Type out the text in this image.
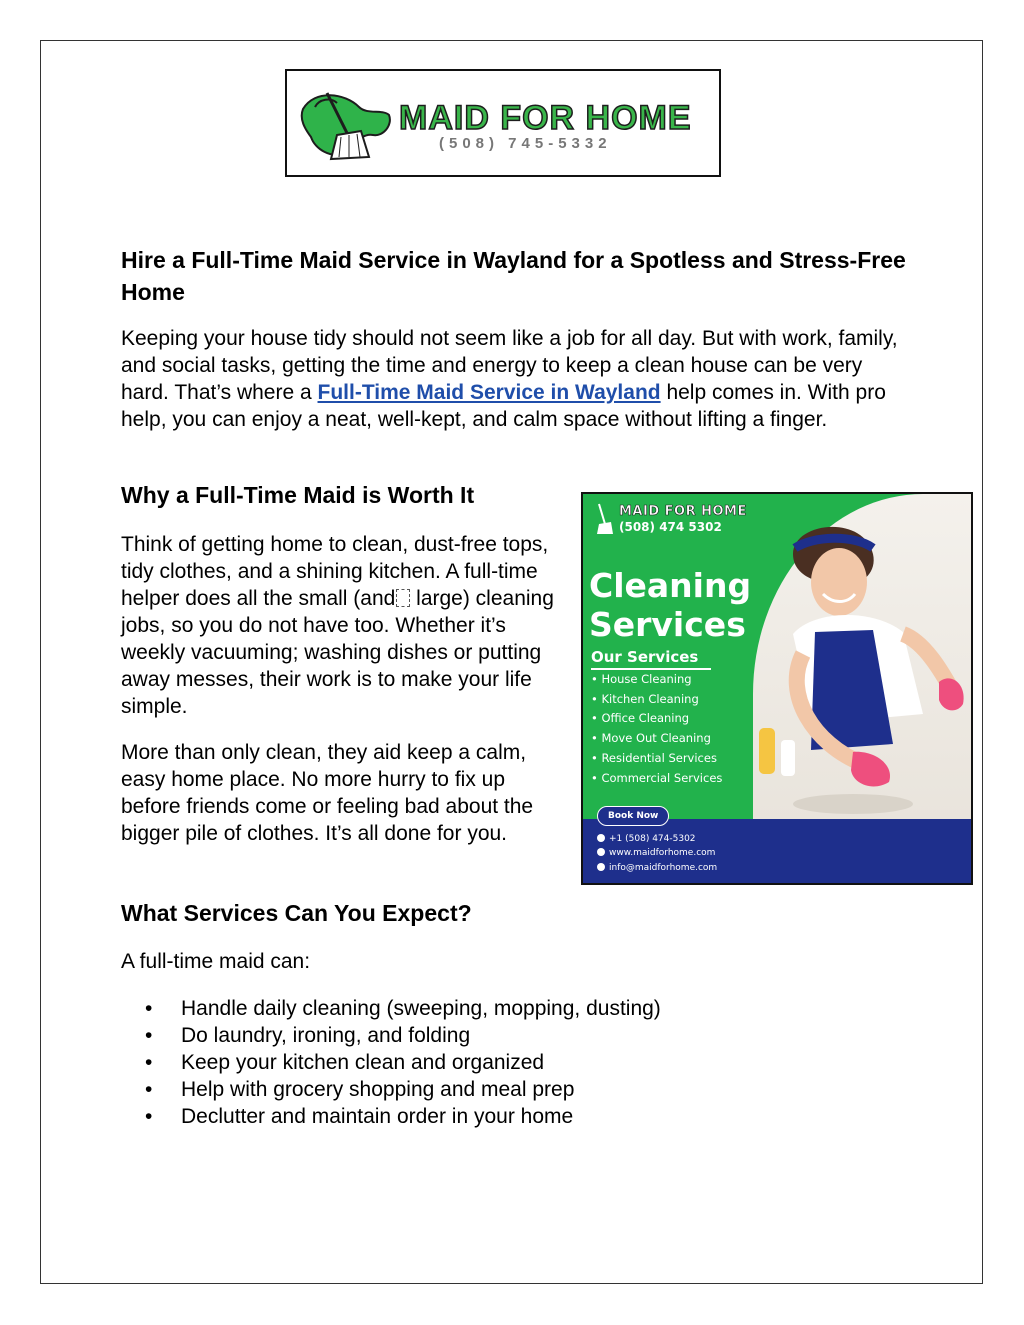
MAID FOR HOME
(508) 745-5332
Hire a Full-Time Maid Service in Wayland for a Spotless and Stress-Free Home

Keeping your house tidy should not seem like a job for all day. But with work, family, and social tasks, getting the time and energy to keep a clean house can be very hard. That’s where a Full-Time Maid Service in Wayland help comes in. With pro help, you can enjoy a neat, well-kept, and calm space without lifting a finger.

Why a Full-Time Maid is Worth It

Think of getting home to clean, dust-free tops, tidy clothes, and a shining kitchen. A full-time helper does all the small (and large) cleaning jobs, so you do not have too. Whether it’s weekly vacuuming; washing dishes or putting away messes, their work is to make your life simple.

More than only clean, they aid keep a calm, easy home place. No more hurry to fix up before friends come or feeling bad about the bigger pile of clothes. It’s all done for you.

What Services Can You Expect?

A full-time maid can:

• Handle daily cleaning (sweeping, mopping, dusting)
• Do laundry, ironing, and folding
• Keep your kitchen clean and organized
• Help with grocery shopping and meal prep
• Declutter and maintain order in your home
MAID FOR HOME
(508) 474 5302
Cleaning
Services
Our Services
• House Cleaning
• Kitchen Cleaning
• Office Cleaning
• Move Out Cleaning
• Residential Services
• Commercial Services
Book Now
+1 (508) 474-5302
www.maidforhome.com
info@maidforhome.com
